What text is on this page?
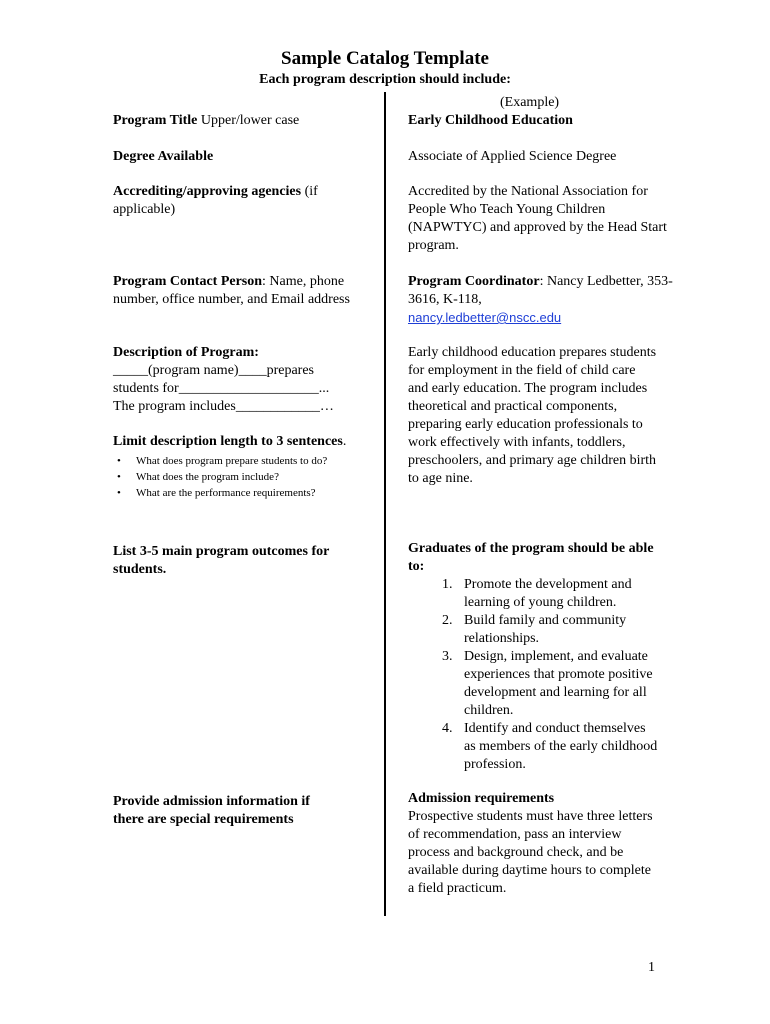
Sample Catalog Template
Each program description should include:
(Example)
Program Title Upper/lower case	Early Childhood Education
Degree Available	Associate of Applied Science Degree
Accrediting/approving agencies (if applicable)
Accredited by the National Association for People Who Teach Young Children (NAPWTYC) and approved by the Head Start program.
Program Contact Person: Name, phone number, office number, and Email address
Program Coordinator: Nancy Ledbetter, 353-3616, K-118,
nancy.ledbetter@nscc.edu
Description of Program:
_____(program name)____prepares
students for____________________...
The program includes____________…
Limit description length to 3 sentences.
• What does program prepare students to do?
• What does the program include?
• What are the performance requirements?
Early childhood education prepares students for employment in the field of child care and early education. The program includes theoretical and practical components, preparing early education professionals to work effectively with infants, toddlers, preschoolers, and primary age children birth to age nine.
List 3-5 main program outcomes for students.
Graduates of the program should be able to:
1. Promote the development and learning of young children.
2. Build family and community relationships.
3. Design, implement, and evaluate experiences that promote positive development and learning for all children.
4. Identify and conduct themselves as members of the early childhood profession.
Provide admission information if there are special requirements
Admission requirements
Prospective students must have three letters of recommendation, pass an interview process and background check, and be available during daytime hours to complete a field practicum.
1
